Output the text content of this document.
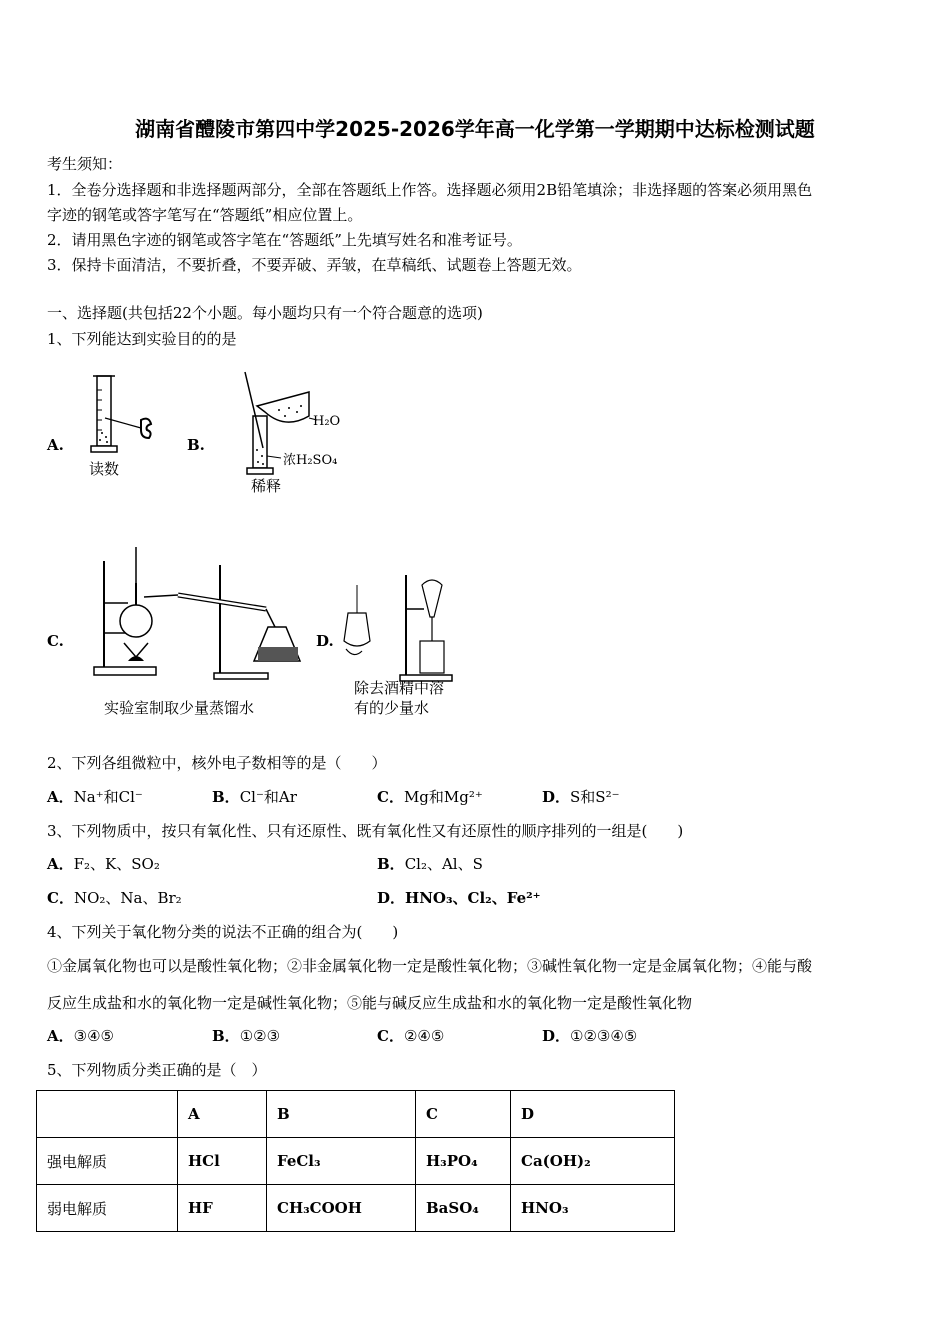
湖南省醴陵市第四中学2025-2026学年高一化学第一学期期中达标检测试题
考生须知：
1．全卷分选择题和非选择题两部分，全部在答题纸上作答。选择题必须用2B铅笔填涂；非选择题的答案必须用黑色
字迹的钢笔或答字笔写在“答题纸”相应位置上。
2．请用黑色字迹的钢笔或答字笔在“答题纸”上先填写姓名和准考证号。
3．保持卡面清洁，不要折叠，不要弄破、弄皱，在草稿纸、试题卷上答题无效。
一、选择题(共包括22个小题。每小题均只有一个符合题意的选项)
1、下列能达到实验目的的是
A.
读数
B.
H₂O
浓H₂SO₄
稀释
C.
实验室制取少量蒸馏水
D.
除去酒精中溶
有的少量水
2、下列各组微粒中，核外电子数相等的是（　　）
A．Na⁺和Cl⁻	B．Cl⁻和Ar	C．Mg和Mg²⁺	D．S和S²⁻
3、下列物质中，按只有氧化性、只有还原性、既有氧化性又有还原性的顺序排列的一组是(　　)
A．F₂、K、SO₂	B．Cl₂、Al、S
C．NO₂、Na、Br₂	D．HNO₃、Cl₂、Fe²⁺
4、下列关于氧化物分类的说法不正确的组合为(　　)
①金属氧化物也可以是酸性氧化物；②非金属氧化物一定是酸性氧化物；③碱性氧化物一定是金属氧化物；④能与酸
反应生成盐和水的氧化物一定是碱性氧化物；⑤能与碱反应生成盐和水的氧化物一定是酸性氧化物
A．③④⑤	B．①②③	C．②④⑤	D．①②③④⑤
5、下列物质分类正确的是（　）
	A	B	C	D
强电解质	HCl	FeCl₃	H₃PO₄	Ca(OH)₂
弱电解质	HF	CH₃COOH	BaSO₄	HNO₃
